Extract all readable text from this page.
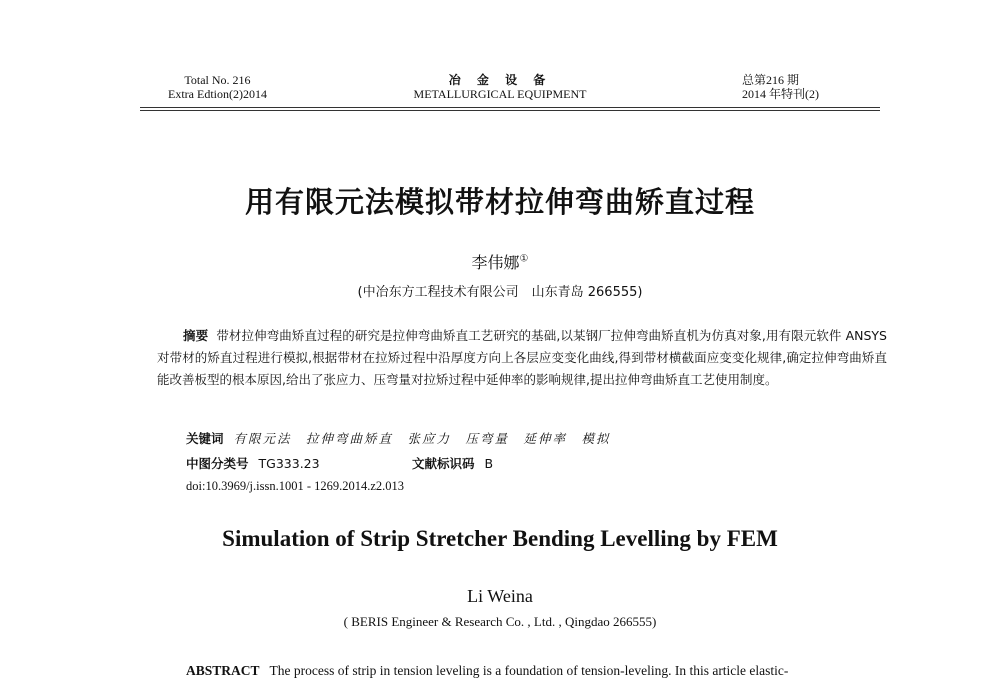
Total No. 216
Extra Edtion(2)2014
冶 金 设 备
METALLURGICAL EQUIPMENT
总第216 期
2014 年特刊(2)
用有限元法模拟带材拉伸弯曲矫直过程
李伟娜①
(中冶东方工程技术有限公司　山东青岛 266555)
摘要 带材拉伸弯曲矫直过程的研究是拉伸弯曲矫直工艺研究的基础,以某钢厂拉伸弯曲矫直机为仿真对象,用有限元软件 ANSYS 对带材的矫直过程进行模拟,根据带材在拉矫过程中沿厚度方向上各层应变变化曲线,得到带材横截面应变变化规律,确定拉伸弯曲矫直能改善板型的根本原因,给出了张应力、压弯量对拉矫过程中延伸率的影响规律,提出拉伸弯曲矫直工艺使用制度。
关键词 有限元法　拉伸弯曲矫直　张应力　压弯量　延伸率　模拟
中图分类号 TG333.23	文献标识码 B
doi:10.3969/j.issn.1001 - 1269.2014.z2.013
Simulation of Strip Stretcher Bending Levelling by FEM
Li Weina
( BERIS Engineer & Research Co. , Ltd. , Qingdao 266555)
ABSTRACT The process of strip in tension leveling is a foundation of tension-leveling. In this article elastic-
